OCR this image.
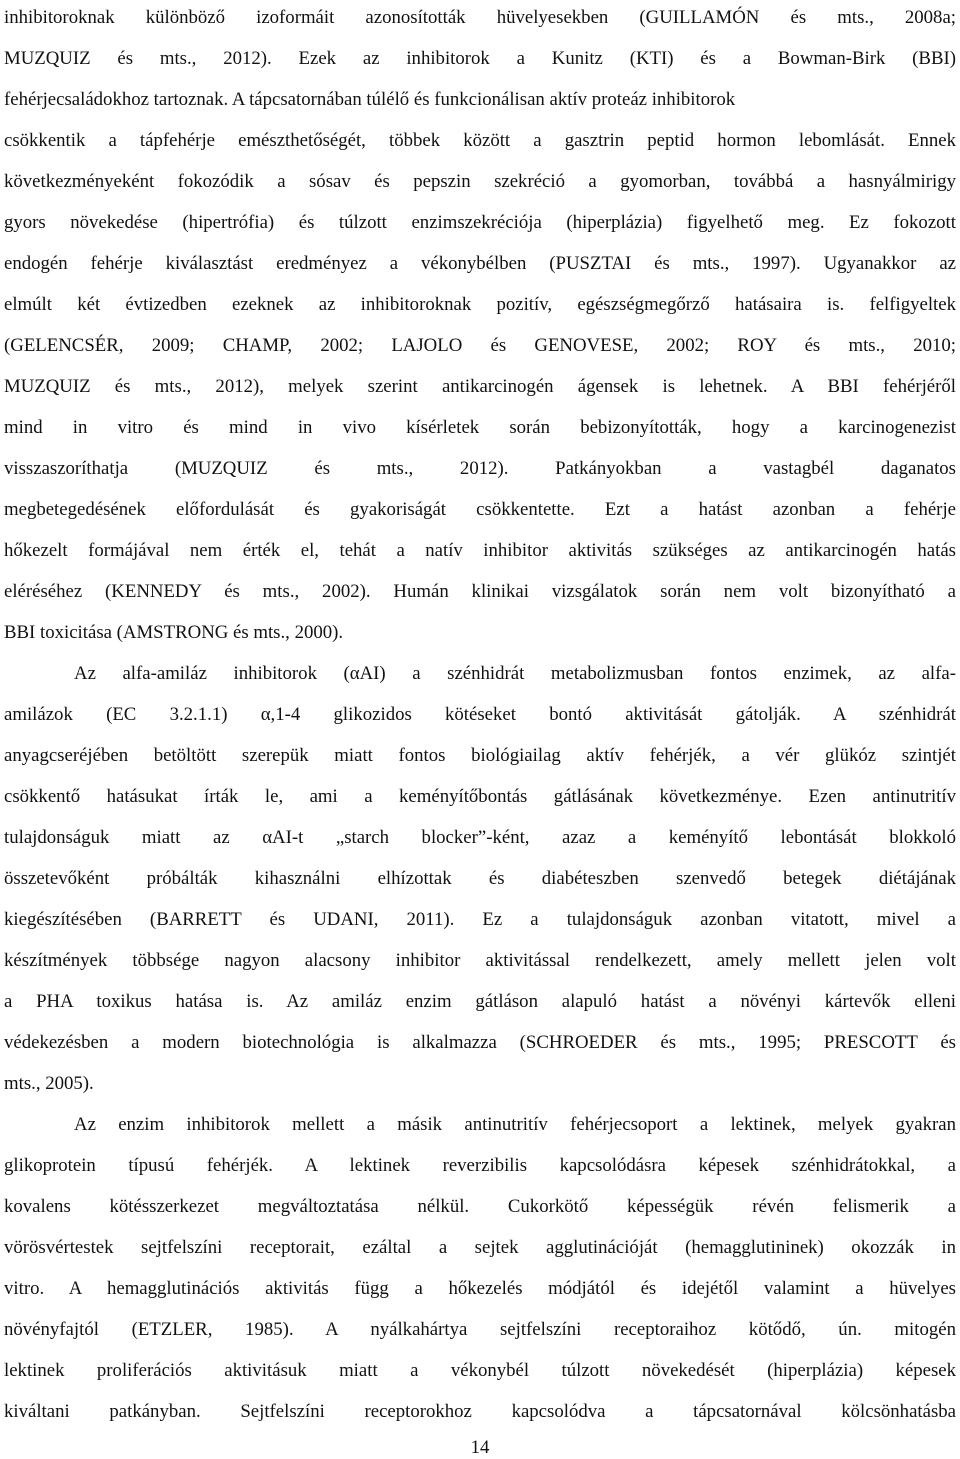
inhibitoroknak különböző izoformáit azonosították hüvelyesekben (GUILLAMÓN és mts., 2008a;
MUZQUIZ és mts., 2012). Ezek az inhibitorok a Kunitz (KTI) és a Bowman-Birk (BBI)
fehérjecsaládokhoz tartoznak. A tápcsatornában túlélő és funkcionálisan aktív proteáz inhibitorok
csökkentik a tápfehérje emészthetőségét, többek között a gasztrin peptid hormon lebomlását. Ennek
következményeként fokozódik a sósav és pepszin szekréció a gyomorban, továbbá a hasnyálmirigy
gyors növekedése (hipertrófia) és túlzott enzimszekréciója (hiperplázia) figyelhető meg. Ez fokozott
endogén fehérje kiválasztást eredményez a vékonybélben (PUSZTAI és mts., 1997). Ugyanakkor az
elmúlt két évtizedben ezeknek az inhibitoroknak pozitív, egészségmegőrző hatásaira is. felfigyeltek
(GELENCSÉR, 2009; CHAMP, 2002; LAJOLO és GENOVESE, 2002; ROY és mts., 2010;
MUZQUIZ és mts., 2012), melyek szerint antikarcinogén ágensek is lehetnek. A BBI fehérjéről
mind in vitro és mind in vivo kísérletek során bebizonyították, hogy a karcinogenezist
visszaszoríthatja (MUZQUIZ és mts., 2012). Patkányokban a vastagbél daganatos
megbetegedésének előfordulását és gyakoriságát csökkentette. Ezt a hatást azonban a fehérje
hőkezelt formájával nem érték el, tehát a natív inhibitor aktivitás szükséges az antikarcinogén hatás
eléréséhez (KENNEDY és mts., 2002). Humán klinikai vizsgálatok során nem volt bizonyítható a
BBI toxicitása (AMSTRONG és mts., 2000).
Az alfa-amiláz inhibitorok (αAI) a szénhidrát metabolizmusban fontos enzimek, az alfa-
amilázok (EC 3.2.1.1) α,1-4 glikozidos kötéseket bontó aktivitását gátolják. A szénhidrát
anyagcseréjében betöltött szerepük miatt fontos biológiailag aktív fehérjék, a vér glükóz szintjét
csökkentő hatásukat írták le, ami a keményítőbontás gátlásának következménye. Ezen antinutritív
tulajdonságuk miatt az αAI-t „starch blocker”-ként, azaz a keményítő lebontását blokkoló
összetevőként próbálták kihasználni elhízottak és diabéteszben szenvedő betegek diétájának
kiegészítésében (BARRETT és UDANI, 2011). Ez a tulajdonságuk azonban vitatott, mivel a
készítmények többsége nagyon alacsony inhibitor aktivitással rendelkezett, amely mellett jelen volt
a PHA toxikus hatása is. Az amiláz enzim gátláson alapuló hatást a növényi kártevők elleni
védekezésben a modern biotechnológia is alkalmazza (SCHROEDER és mts., 1995; PRESCOTT és
mts., 2005).
Az enzim inhibitorok mellett a másik antinutritív fehérjecsoport a lektinek, melyek gyakran
glikoprotein típusú fehérjék. A lektinek reverzibilis kapcsolódásra képesek szénhidrátokkal, a
kovalens kötésszerkezet megváltoztatása nélkül. Cukorkötő képességük révén felismerik a
vörösvértestek sejtfelszíni receptorait, ezáltal a sejtek agglutinációját (hemagglutininek) okozzák in
vitro. A hemagglutinációs aktivitás függ a hőkezelés módjától és idejétől valamint a hüvelyes
növényfajtól (ETZLER, 1985). A nyálkahártya sejtfelszíni receptoraihoz kötődő, ún. mitogén
lektinek proliferációs aktivitásuk miatt a vékonybél túlzott növekedését (hiperplázia) képesek
kiváltani patkányban. Sejtfelszíni receptorokhoz kapcsolódva a tápcsatornával kölcsönhatásba
14
